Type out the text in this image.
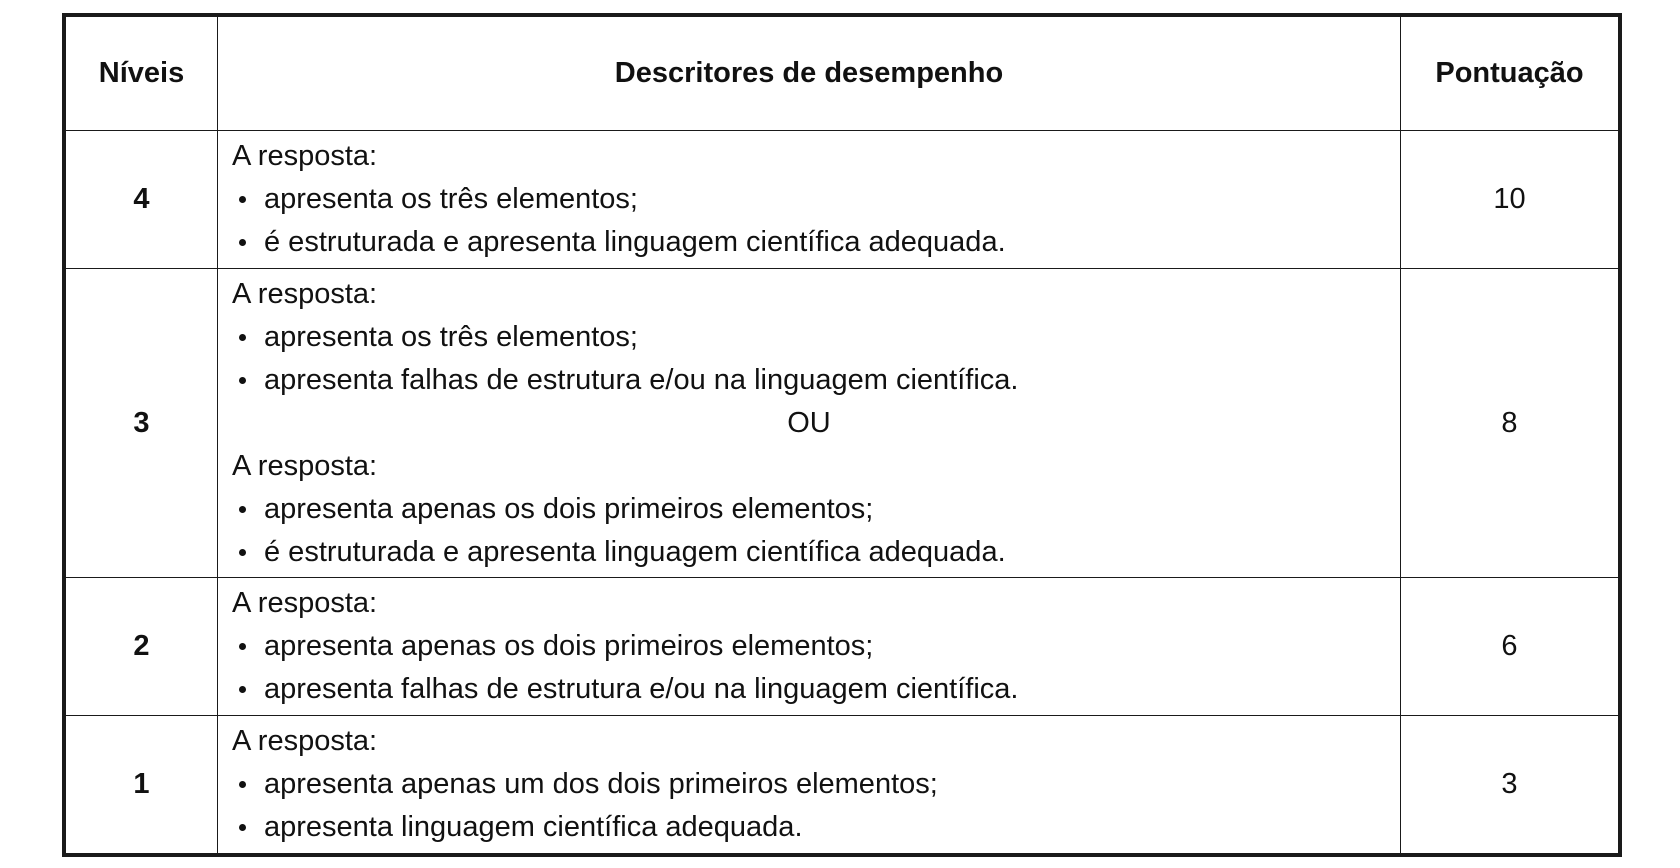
Níveis	Descritores de desempenho	Pontuação
4
A resposta:
apresenta os três elementos;
é estruturada e apresenta linguagem científica adequada.
10
3
A resposta:
apresenta os três elementos;
apresenta falhas de estrutura e/ou na linguagem científica.
OU
A resposta:
apresenta apenas os dois primeiros elementos;
é estruturada e apresenta linguagem científica adequada.
8
2
A resposta:
apresenta apenas os dois primeiros elementos;
apresenta falhas de estrutura e/ou na linguagem científica.
6
1
A resposta:
apresenta apenas um dos dois primeiros elementos;
apresenta linguagem científica adequada.
3
